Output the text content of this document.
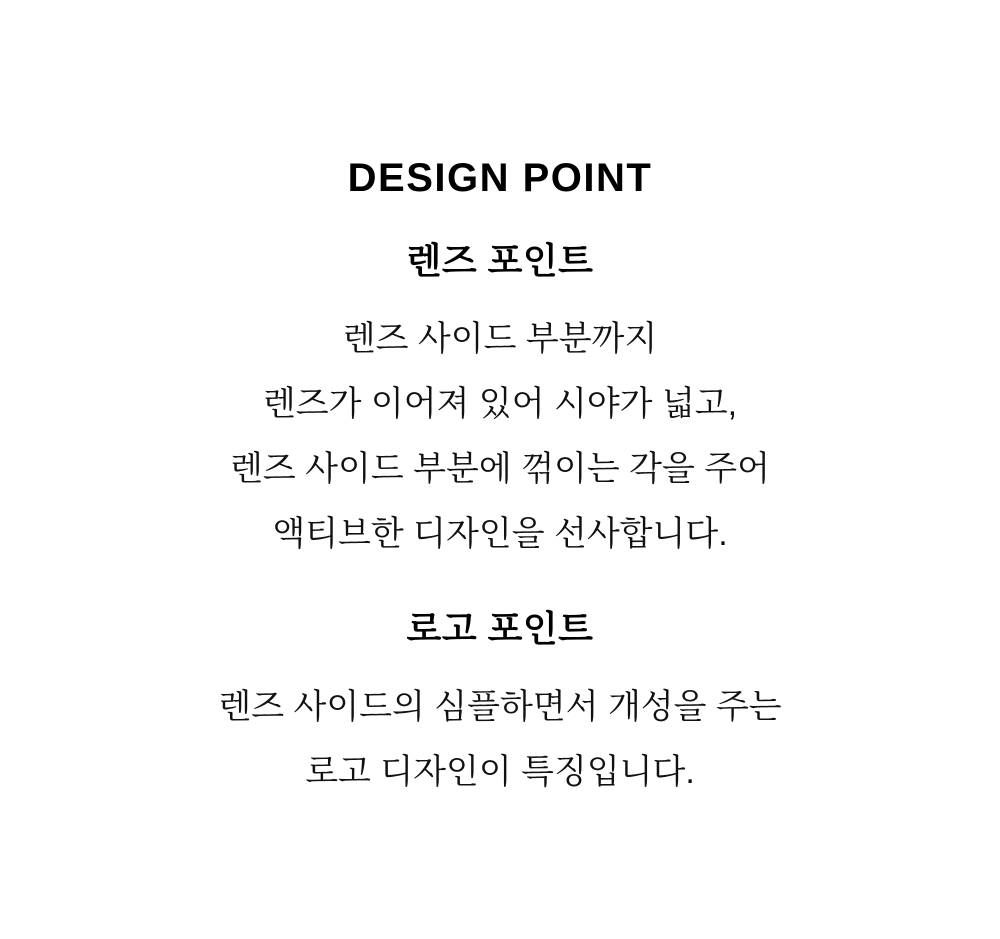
DESIGN POINT
렌즈 포인트

렌즈 사이드 부분까지
렌즈가 이어져 있어 시야가 넓고,
렌즈 사이드 부분에 꺾이는 각을 주어
액티브한 디자인을 선사합니다.

로고 포인트

렌즈 사이드의 심플하면서 개성을 주는
로고 디자인이 특징입니다.
